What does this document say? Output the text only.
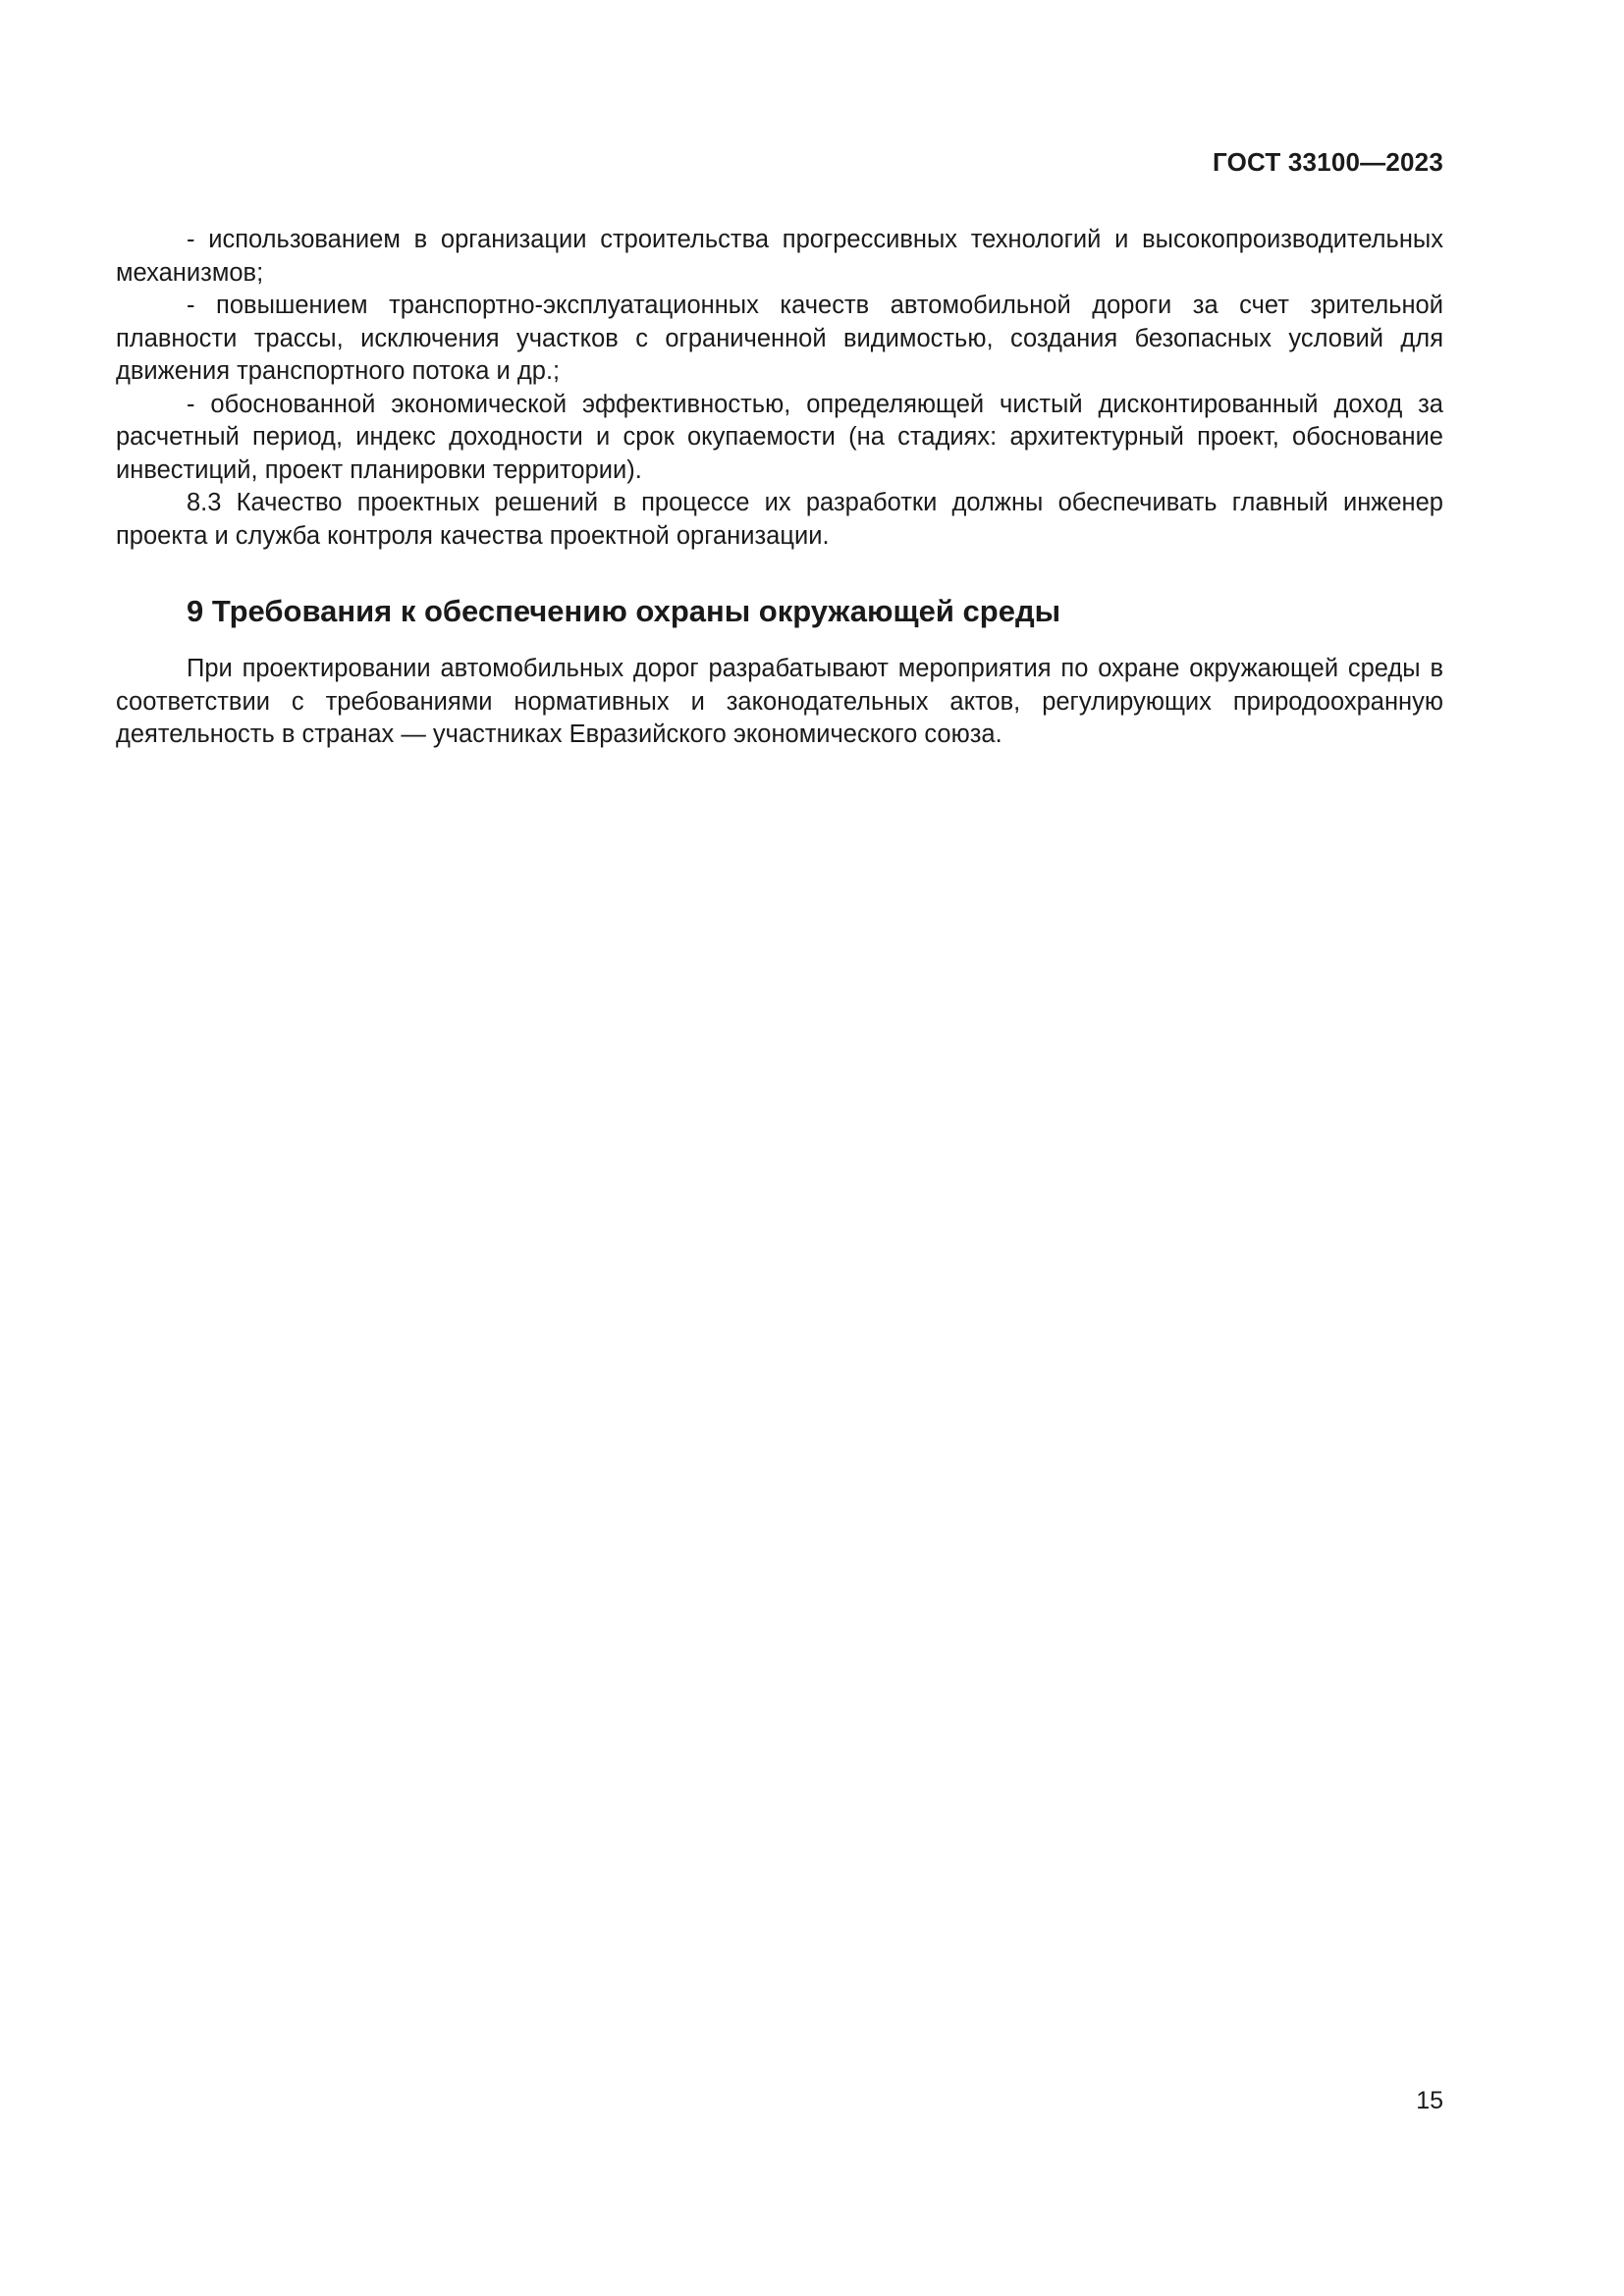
ГОСТ 33100—2023

- использованием в организации строительства прогрессивных технологий и высокопроизводительных механизмов;

- повышением транспортно-эксплуатационных качеств автомобильной дороги за счет зрительной плавности трассы, исключения участков с ограниченной видимостью, создания безопасных условий для движения транспортного потока и др.;

- обоснованной экономической эффективностью, определяющей чистый дисконтированный доход за расчетный период, индекс доходности и срок окупаемости (на стадиях: архитектурный проект, обоснование инвестиций, проект планировки территории).

8.3 Качество проектных решений в процессе их разработки должны обеспечивать главный инженер проекта и служба контроля качества проектной организации.

9 Требования к обеспечению охраны окружающей среды

При проектировании автомобильных дорог разрабатывают мероприятия по охране окружающей среды в соответствии с требованиями нормативных и законодательных актов, регулирующих природоохранную деятельность в странах — участниках Евразийского экономического союза.

15
